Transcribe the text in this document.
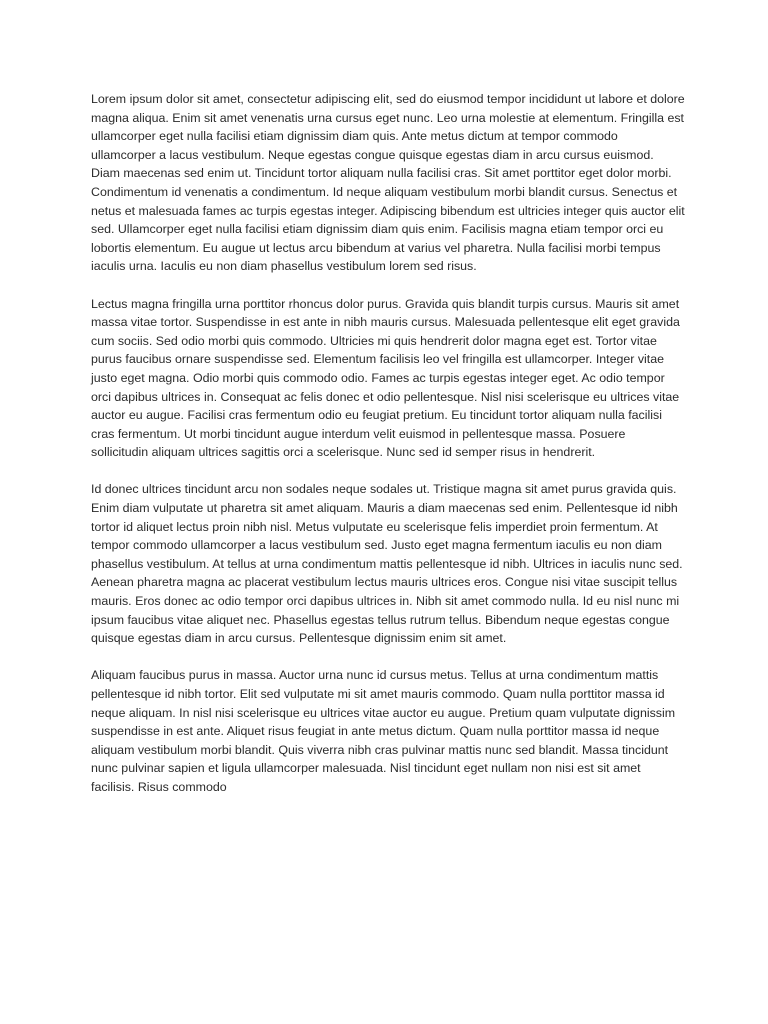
Lorem ipsum dolor sit amet, consectetur adipiscing elit, sed do eiusmod tempor incididunt ut labore et dolore magna aliqua. Enim sit amet venenatis urna cursus eget nunc. Leo urna molestie at elementum. Fringilla est ullamcorper eget nulla facilisi etiam dignissim diam quis. Ante metus dictum at tempor commodo ullamcorper a lacus vestibulum. Neque egestas congue quisque egestas diam in arcu cursus euismod. Diam maecenas sed enim ut. Tincidunt tortor aliquam nulla facilisi cras. Sit amet porttitor eget dolor morbi. Condimentum id venenatis a condimentum. Id neque aliquam vestibulum morbi blandit cursus. Senectus et netus et malesuada fames ac turpis egestas integer. Adipiscing bibendum est ultricies integer quis auctor elit sed. Ullamcorper eget nulla facilisi etiam dignissim diam quis enim. Facilisis magna etiam tempor orci eu lobortis elementum. Eu augue ut lectus arcu bibendum at varius vel pharetra. Nulla facilisi morbi tempus iaculis urna. Iaculis eu non diam phasellus vestibulum lorem sed risus.

Lectus magna fringilla urna porttitor rhoncus dolor purus. Gravida quis blandit turpis cursus. Mauris sit amet massa vitae tortor. Suspendisse in est ante in nibh mauris cursus. Malesuada pellentesque elit eget gravida cum sociis. Sed odio morbi quis commodo. Ultricies mi quis hendrerit dolor magna eget est. Tortor vitae purus faucibus ornare suspendisse sed. Elementum facilisis leo vel fringilla est ullamcorper. Integer vitae justo eget magna. Odio morbi quis commodo odio. Fames ac turpis egestas integer eget. Ac odio tempor orci dapibus ultrices in. Consequat ac felis donec et odio pellentesque. Nisl nisi scelerisque eu ultrices vitae auctor eu augue. Facilisi cras fermentum odio eu feugiat pretium. Eu tincidunt tortor aliquam nulla facilisi cras fermentum. Ut morbi tincidunt augue interdum velit euismod in pellentesque massa. Posuere sollicitudin aliquam ultrices sagittis orci a scelerisque. Nunc sed id semper risus in hendrerit.

Id donec ultrices tincidunt arcu non sodales neque sodales ut. Tristique magna sit amet purus gravida quis. Enim diam vulputate ut pharetra sit amet aliquam. Mauris a diam maecenas sed enim. Pellentesque id nibh tortor id aliquet lectus proin nibh nisl. Metus vulputate eu scelerisque felis imperdiet proin fermentum. At tempor commodo ullamcorper a lacus vestibulum sed. Justo eget magna fermentum iaculis eu non diam phasellus vestibulum. At tellus at urna condimentum mattis pellentesque id nibh. Ultrices in iaculis nunc sed. Aenean pharetra magna ac placerat vestibulum lectus mauris ultrices eros. Congue nisi vitae suscipit tellus mauris. Eros donec ac odio tempor orci dapibus ultrices in. Nibh sit amet commodo nulla. Id eu nisl nunc mi ipsum faucibus vitae aliquet nec. Phasellus egestas tellus rutrum tellus. Bibendum neque egestas congue quisque egestas diam in arcu cursus. Pellentesque dignissim enim sit amet.

Aliquam faucibus purus in massa. Auctor urna nunc id cursus metus. Tellus at urna condimentum mattis pellentesque id nibh tortor. Elit sed vulputate mi sit amet mauris commodo. Quam nulla porttitor massa id neque aliquam. In nisl nisi scelerisque eu ultrices vitae auctor eu augue. Pretium quam vulputate dignissim suspendisse in est ante. Aliquet risus feugiat in ante metus dictum. Quam nulla porttitor massa id neque aliquam vestibulum morbi blandit. Quis viverra nibh cras pulvinar mattis nunc sed blandit. Massa tincidunt nunc pulvinar sapien et ligula ullamcorper malesuada. Nisl tincidunt eget nullam non nisi est sit amet facilisis. Risus commodo
